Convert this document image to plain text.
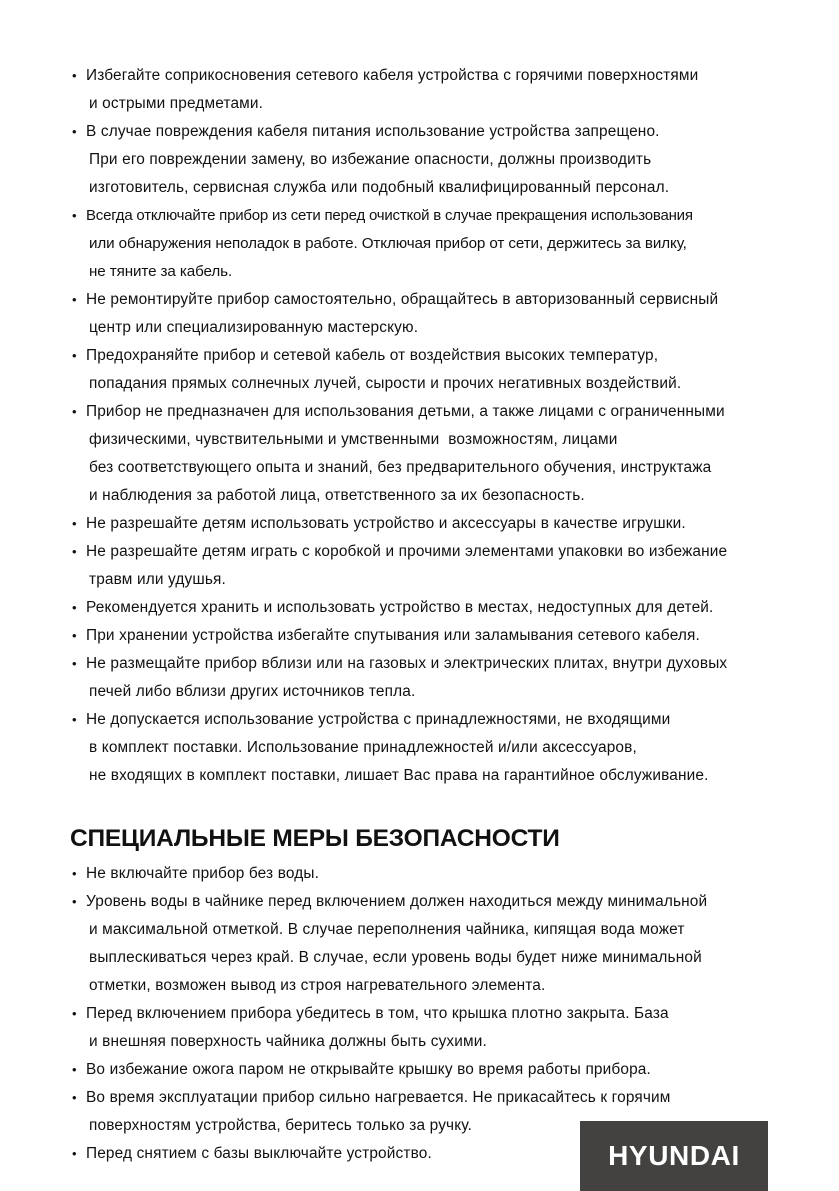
• Избегайте соприкосновения сетевого кабеля устройства с горячими поверхностями
и острыми предметами.
• В случае повреждения кабеля питания использование устройства запрещено.
При его повреждении замену, во избежание опасности, должны производить
изготовитель, сервисная служба или подобный квалифицированный персонал.
• Всегда отключайте прибор из сети перед очисткой в случае прекращения использования
или обнаружения неполадок в работе. Отключая прибор от сети, держитесь за вилку,
не тяните за кабель.
• Не ремонтируйте прибор самостоятельно, обращайтесь в авторизованный сервисный
центр или специализированную мастерскую.
• Предохраняйте прибор и сетевой кабель от воздействия высоких температур,
попадания прямых солнечных лучей, сырости и прочих негативных воздействий.
• Прибор не предназначен для использования детьми, а также лицами с ограниченными
физическими, чувствительными и умственными  возможностям, лицами
без соответствующего опыта и знаний, без предварительного обучения, инструктажа
и наблюдения за работой лица, ответственного за их безопасность.
• Не разрешайте детям использовать устройство и аксессуары в качестве игрушки.
• Не разрешайте детям играть с коробкой и прочими элементами упаковки во избежание
травм или удушья.
• Рекомендуется хранить и использовать устройство в местах, недоступных для детей.
• При хранении устройства избегайте спутывания или заламывания сетевого кабеля.
• Не размещайте прибор вблизи или на газовых и электрических плитах, внутри духовых
печей либо вблизи других источников тепла.
• Не допускается использование устройства с принадлежностями, не входящими
в комплект поставки. Использование принадлежностей и/или аксессуаров,
не входящих в комплект поставки, лишает Вас права на гарантийное обслуживание.
СПЕЦИАЛЬНЫЕ МЕРЫ БЕЗОПАСНОСТИ
• Не включайте прибор без воды.
• Уровень воды в чайнике перед включением должен находиться между минимальной
и максимальной отметкой. В случае переполнения чайника, кипящая вода может
выплескиваться через край. В случае, если уровень воды будет ниже минимальной
отметки, возможен вывод из строя нагревательного элемента.
• Перед включением прибора убедитесь в том, что крышка плотно закрыта. База
и внешняя поверхность чайника должны быть сухими.
• Во избежание ожога паром не открывайте крышку во время работы прибора.
• Во время эксплуатации прибор сильно нагревается. Не прикасайтесь к горячим
поверхностям устройства, беритесь только за ручку.
• Перед снятием с базы выключайте устройство.	HYUNDAI
